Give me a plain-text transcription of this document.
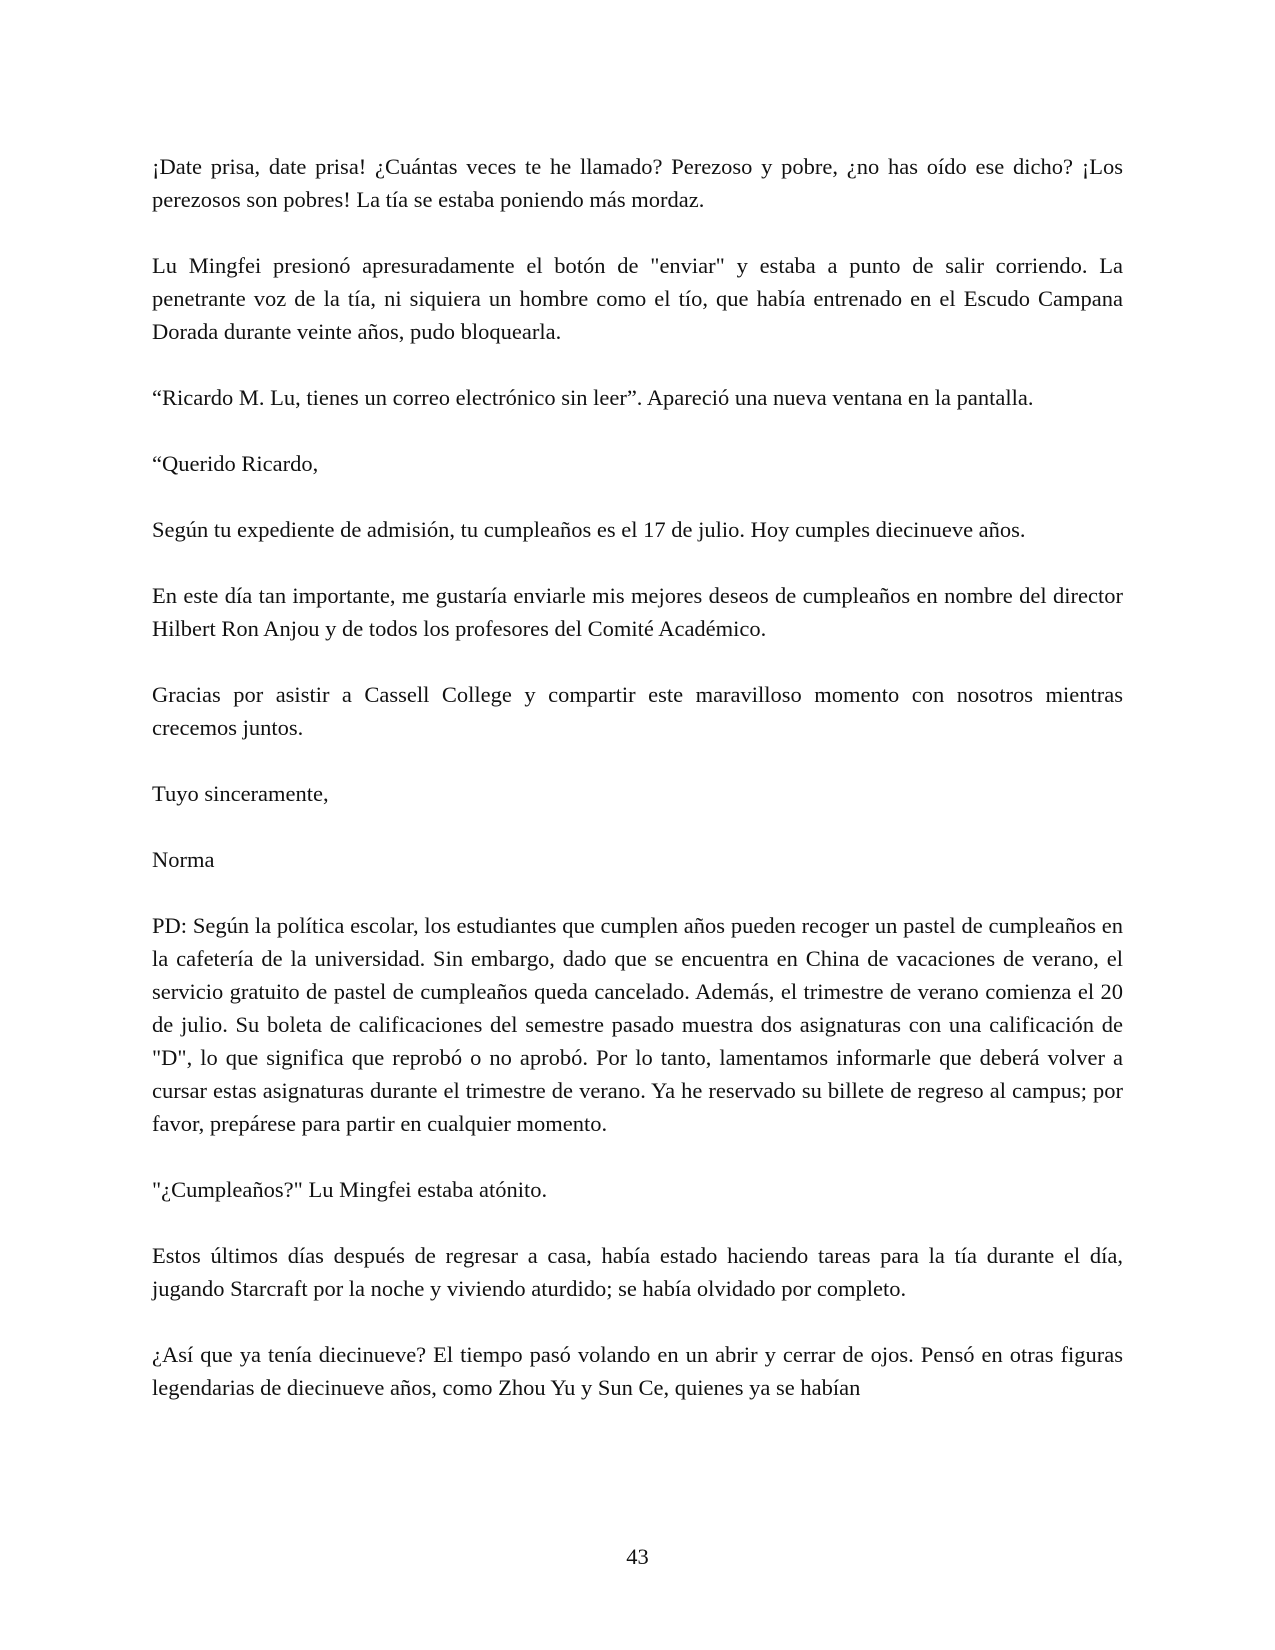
¡Date prisa, date prisa! ¿Cuántas veces te he llamado? Perezoso y pobre, ¿no has oído ese dicho? ¡Los perezosos son pobres! La tía se estaba poniendo más mordaz.

Lu Mingfei presionó apresuradamente el botón de "enviar" y estaba a punto de salir corriendo. La penetrante voz de la tía, ni siquiera un hombre como el tío, que había entrenado en el Escudo Campana Dorada durante veinte años, pudo bloquearla.

“Ricardo M. Lu, tienes un correo electrónico sin leer”. Apareció una nueva ventana en la pantalla.

“Querido Ricardo,

Según tu expediente de admisión, tu cumpleaños es el 17 de julio. Hoy cumples diecinueve años.

En este día tan importante, me gustaría enviarle mis mejores deseos de cumpleaños en nombre del director Hilbert Ron Anjou y de todos los profesores del Comité Académico.

Gracias por asistir a Cassell College y compartir este maravilloso momento con nosotros mientras crecemos juntos.

Tuyo sinceramente,

Norma

PD: Según la política escolar, los estudiantes que cumplen años pueden recoger un pastel de cumpleaños en la cafetería de la universidad. Sin embargo, dado que se encuentra en China de vacaciones de verano, el servicio gratuito de pastel de cumpleaños queda cancelado. Además, el trimestre de verano comienza el 20 de julio. Su boleta de calificaciones del semestre pasado muestra dos asignaturas con una calificación de "D", lo que significa que reprobó o no aprobó. Por lo tanto, lamentamos informarle que deberá volver a cursar estas asignaturas durante el trimestre de verano. Ya he reservado su billete de regreso al campus; por favor, prepárese para partir en cualquier momento.

"¿Cumpleaños?" Lu Mingfei estaba atónito.

Estos últimos días después de regresar a casa, había estado haciendo tareas para la tía durante el día, jugando Starcraft por la noche y viviendo aturdido; se había olvidado por completo.

¿Así que ya tenía diecinueve? El tiempo pasó volando en un abrir y cerrar de ojos. Pensó en otras figuras legendarias de diecinueve años, como Zhou Yu y Sun Ce, quienes ya se habían

43
